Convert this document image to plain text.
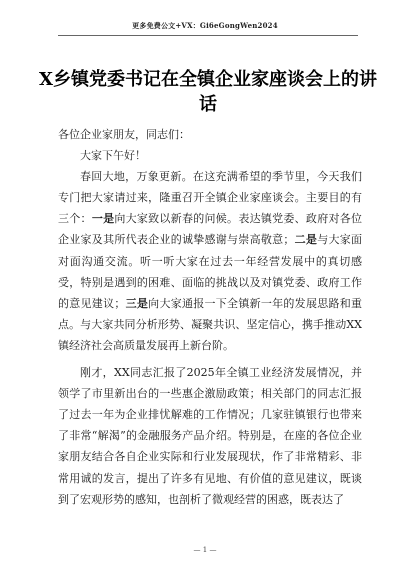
更多免费公文+VX：Gi6eGongWen2024
X乡镇党委书记在全镇企业家座谈会上的讲话

各位企业家朋友，同志们：

大家下午好！

春回大地，万象更新。在这充满希望的季节里，今天我们专门把大家请过来，隆重召开全镇企业家座谈会。主要目的有三个：一是向大家致以新春的问候。表达镇党委、政府对各位企业家及其所代表企业的诚挚感谢与崇高敬意；二是与大家面对面沟通交流。听一听大家在过去一年经营发展中的真切感受，特别是遇到的困难、面临的挑战以及对镇党委、政府工作的意见建议；三是向大家通报一下全镇新一年的发展思路和重点。与大家共同分析形势、凝聚共识、坚定信心，携手推动XX镇经济社会高质量发展再上新台阶。

刚才，XX同志汇报了2025年全镇工业经济发展情况，并领学了市里新出台的一些惠企激励政策；相关部门的同志汇报了过去一年为企业排忧解难的工作情况；几家驻镇银行也带来了非常“解渴”的金融服务产品介绍。特别是，在座的各位企业家朋友结合各自企业实际和行业发展现状，作了非常精彩、非常用诚的发言，提出了许多有见地、有价值的意见建议，既谈到了宏观形势的感知，也剖析了微观经营的困惑，既表达了

— 1 —
